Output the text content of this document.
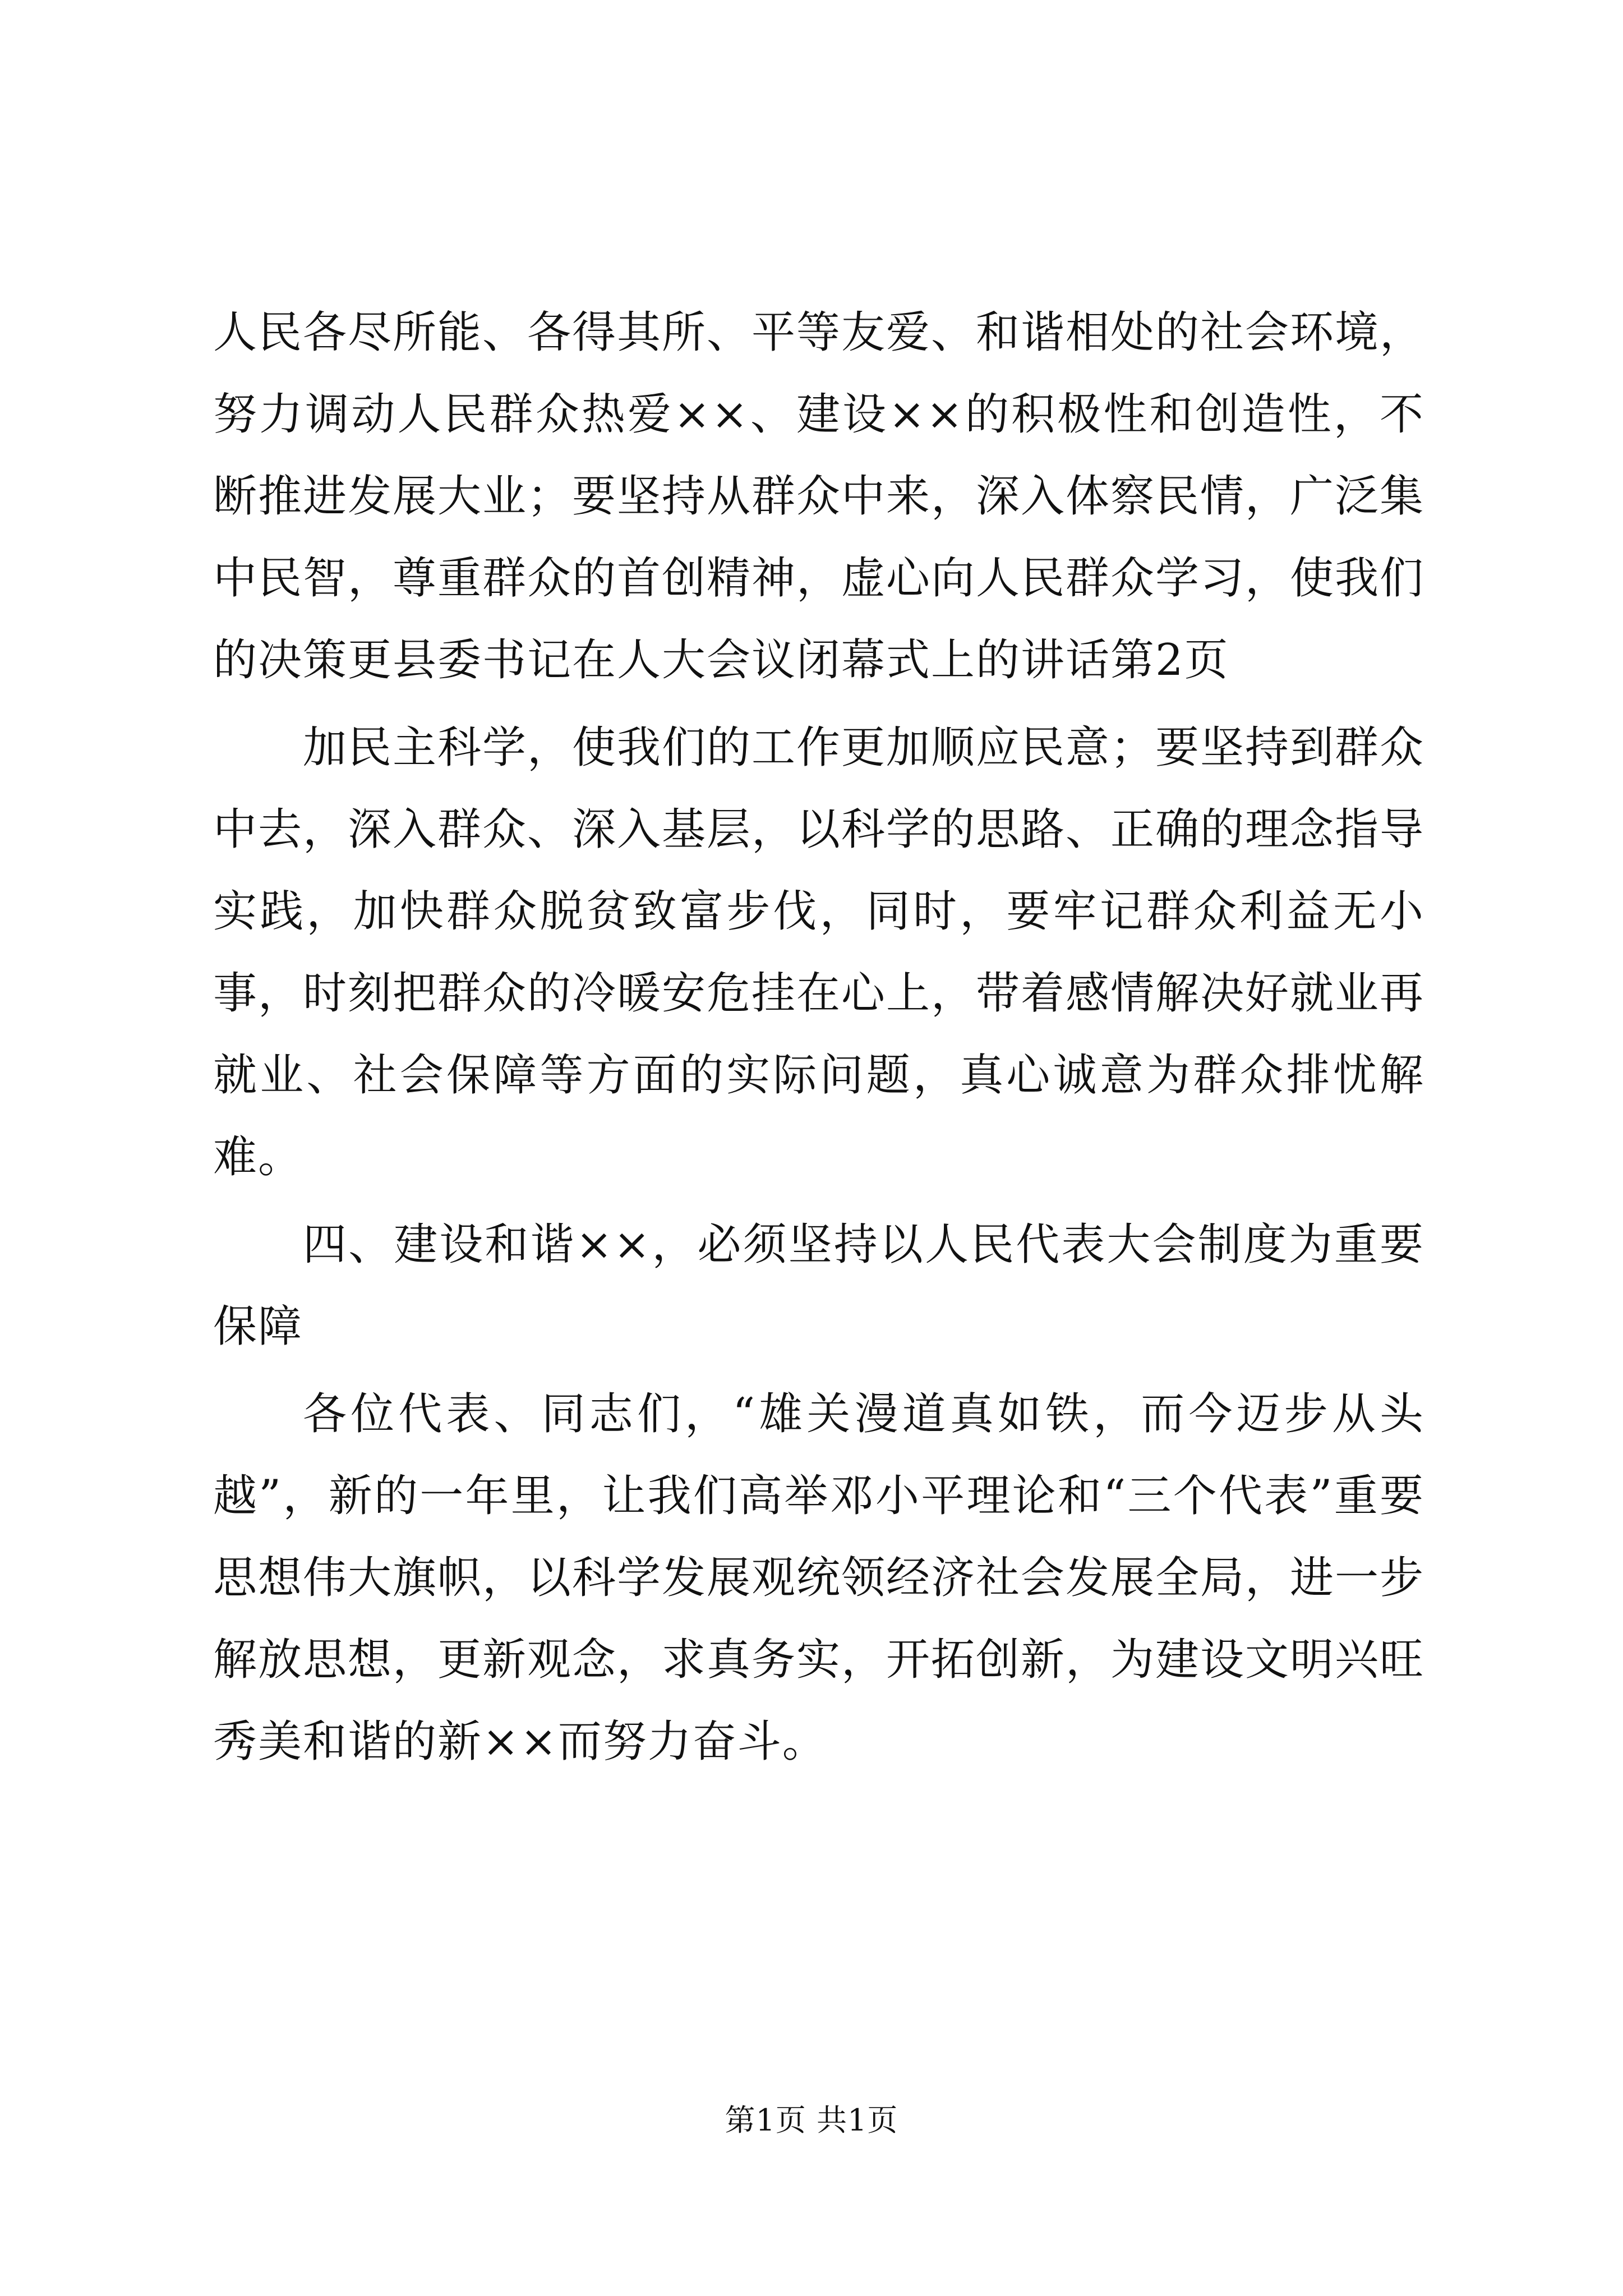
人民各尽所能、各得其所、平等友爱、和谐相处的社会环境，努力调动人民群众热爱××、建设××的积极性和创造性，不断推进发展大业；要坚持从群众中来，深入体察民情，广泛集中民智，尊重群众的首创精神，虚心向人民群众学习，使我们的决策更县委书记在人大会议闭幕式上的讲话第2页

加民主科学，使我们的工作更加顺应民意；要坚持到群众中去，深入群众、深入基层，以科学的思路、正确的理念指导实践，加快群众脱贫致富步伐，同时，要牢记群众利益无小事，时刻把群众的冷暖安危挂在心上，带着感情解决好就业再就业、社会保障等方面的实际问题，真心诚意为群众排忧解难。

四、建设和谐××，必须坚持以人民代表大会制度为重要保障

各位代表、同志们，“雄关漫道真如铁，而今迈步从头越”，新的一年里，让我们高举邓小平理论和“三个代表”重要思想伟大旗帜，以科学发展观统领经济社会发展全局，进一步解放思想，更新观念，求真务实，开拓创新，为建设文明兴旺秀美和谐的新××而努力奋斗。

第1页 共1页
